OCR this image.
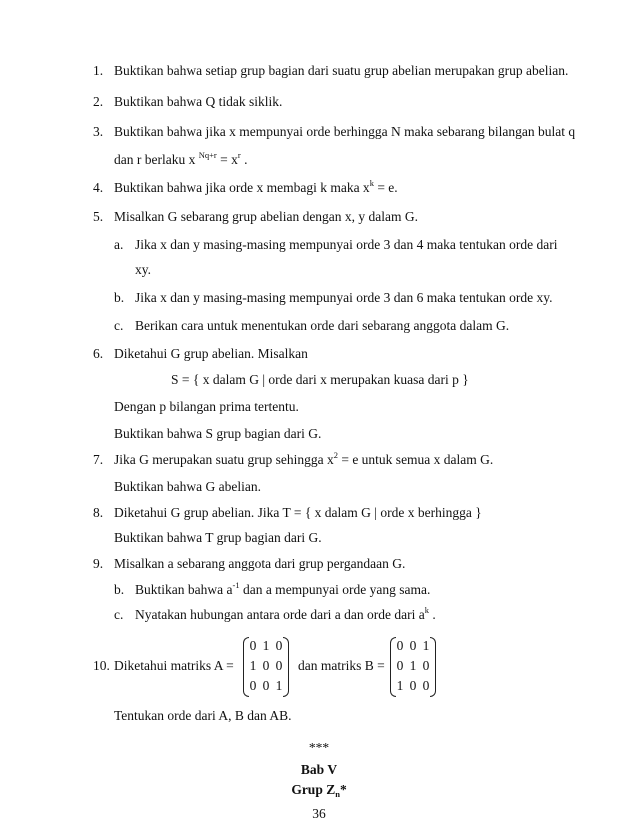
1. Buktikan bahwa setiap grup bagian dari suatu grup abelian merupakan grup abelian.
2. Buktikan bahwa Q tidak siklik.
3. Buktikan bahwa jika x mempunyai orde berhingga N maka sebarang bilangan bulat q
dan r berlaku x $^{Nq+r} = x^r$ .
4. Buktikan bahwa jika orde x membagi k maka $x^k = e$.
5. Misalkan G sebarang grup abelian dengan x, y dalam G.
a. Jika x dan y masing-masing mempunyai orde 3 dan 4 maka tentukan orde dari
xy.
b. Jika x dan y masing-masing mempunyai orde 3 dan 6 maka tentukan orde xy.
c. Berikan cara untuk menentukan orde dari sebarang anggota dalam G.
6. Diketahui G grup abelian. Misalkan
S = { x dalam G | orde dari x merupakan kuasa dari p }
Dengan p bilangan prima tertentu.
Buktikan bahwa S grup bagian dari G.
7. Jika G merupakan suatu grup sehingga $x^2 = e$ untuk semua x dalam G.
Buktikan bahwa G abelian.
8. Diketahui G grup abelian. Jika T = { x dalam G | orde x berhingga }
Buktikan bahwa T grup bagian dari G.
9. Misalkan a sebarang anggota dari grup pergandaan G.
b. Buktikan bahwa $a^{-1}$ dan a mempunyai orde yang sama.
c. Nyatakan hubungan antara orde dari a dan orde dari $a^k$ .
10. Diketahui matriks A =
0 1 0
1 0 0
0 0 1
dan matriks B =
0 0 1
0 1 0
1 0 0
Tentukan orde dari A, B dan AB.
***
Bab V
Grup $Z_n*$
36
